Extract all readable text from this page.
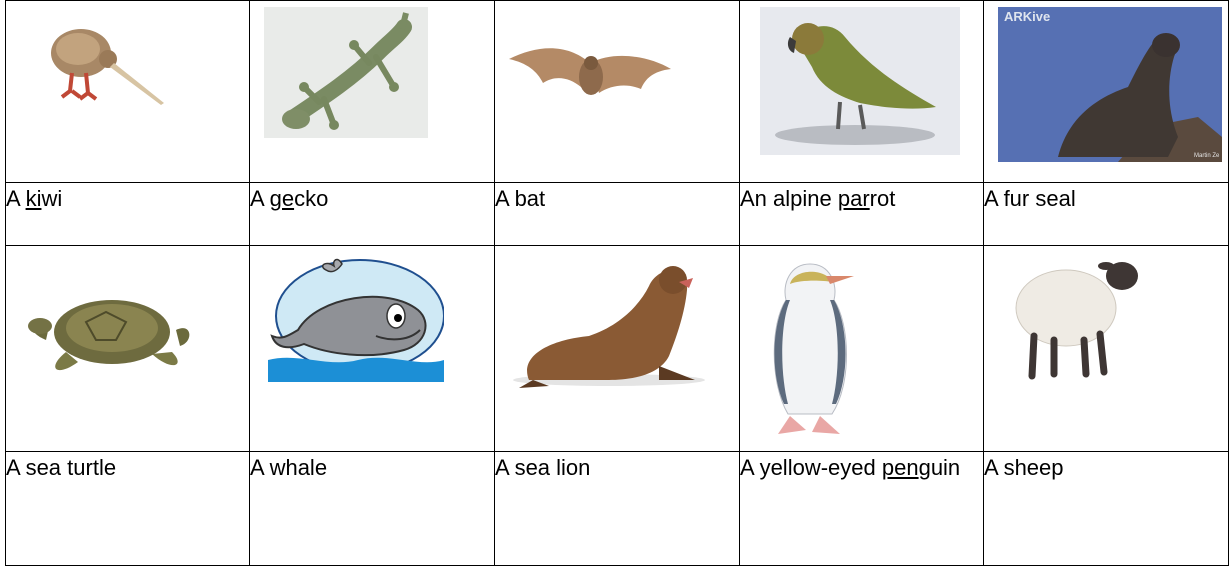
ARKive
Martin Ze

A kiwi	A gecko	A bat	An alpine parrot	A fur seal

A sea turtle	A whale	A sea lion	A yellow-eyed penguin	A sheep
